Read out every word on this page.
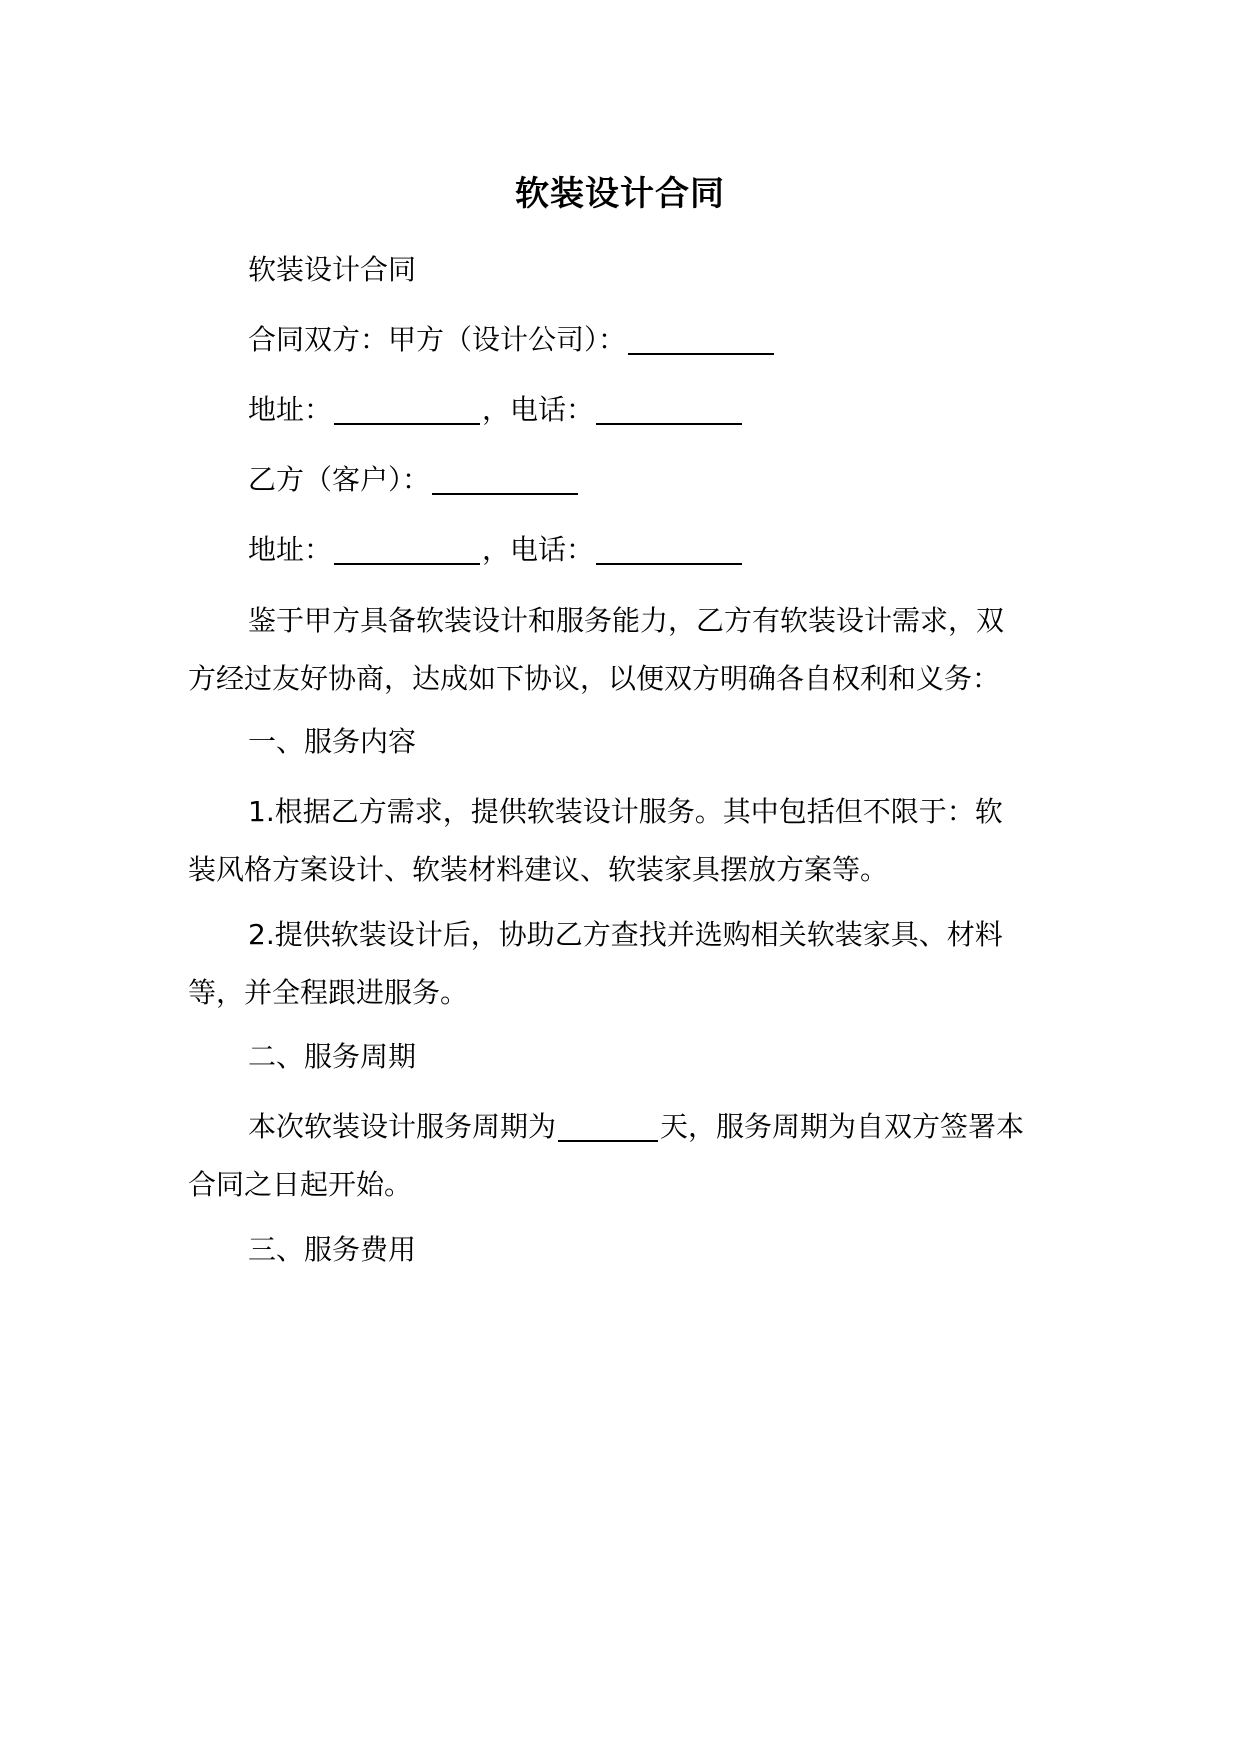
软装设计合同
软装设计合同
合同双方：甲方（设计公司）：
地址：	，电话：
乙方（客户）：
地址：	，电话：
鉴于甲方具备软装设计和服务能力，乙方有软装设计需求，双
方经过友好协商，达成如下协议，以便双方明确各自权利和义务：
一、服务内容
1.根据乙方需求，提供软装设计服务。其中包括但不限于：软
装风格方案设计、软装材料建议、软装家具摆放方案等。
2.提供软装设计后，协助乙方查找并选购相关软装家具、材料
等，并全程跟进服务。
二、服务周期
本次软装设计服务周期为	天，服务周期为自双方签署本
合同之日起开始。
三、服务费用
